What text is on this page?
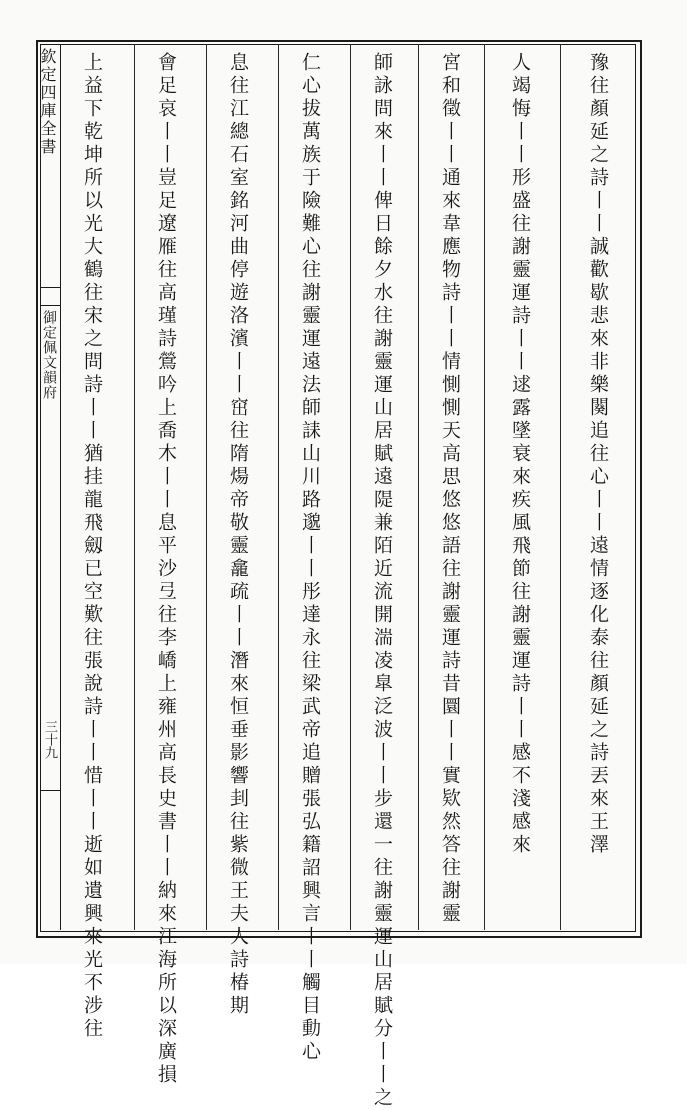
欽定四庫全書
御定佩文韻府
三十九	豫往顏延之詩丨丨誠歡歇悲來非樂闋追往心丨丨遠情逐化泰往顏延之詩丟來王澤
人竭悔丨丨形盛往謝靈運詩丨丨逑露墜衰來疾風飛節往謝靈運詩丨丨感不淺感來
宮和徵丨丨通來韋應物詩丨丨情惻惻天高思悠悠語往謝靈運詩昔圜丨丨實欵然答往謝靈
師詠問來丨丨俾日餘夕水往謝靈運山居賦遠隄兼陌近流開湍凌皐泛波丨丨步還一往謝靈運山居賦分丨丨之
仁心拔萬族于險難心往謝靈運遠法師誄山川路邈丨丨彤達永往梁武帝追贈張弘籍詔興言丨丨觸目動心
息往江總石室銘河曲停遊洛濱丨丨窋往隋煬帝敬靈龕疏丨丨潛來恒垂影響刲往紫微王夫人詩椿期
會足哀丨丨豈足遼雁往高瑾詩鶯吟上喬木丨丨息平沙弖往李嶠上雍州高長史書丨丨納來江海所以深廣損
上益下乾坤所以光大鶴往宋之問詩丨丨猶挂龍飛劔已空歎往張說詩丨丨惜丨丨逝如遺興來光不涉往
